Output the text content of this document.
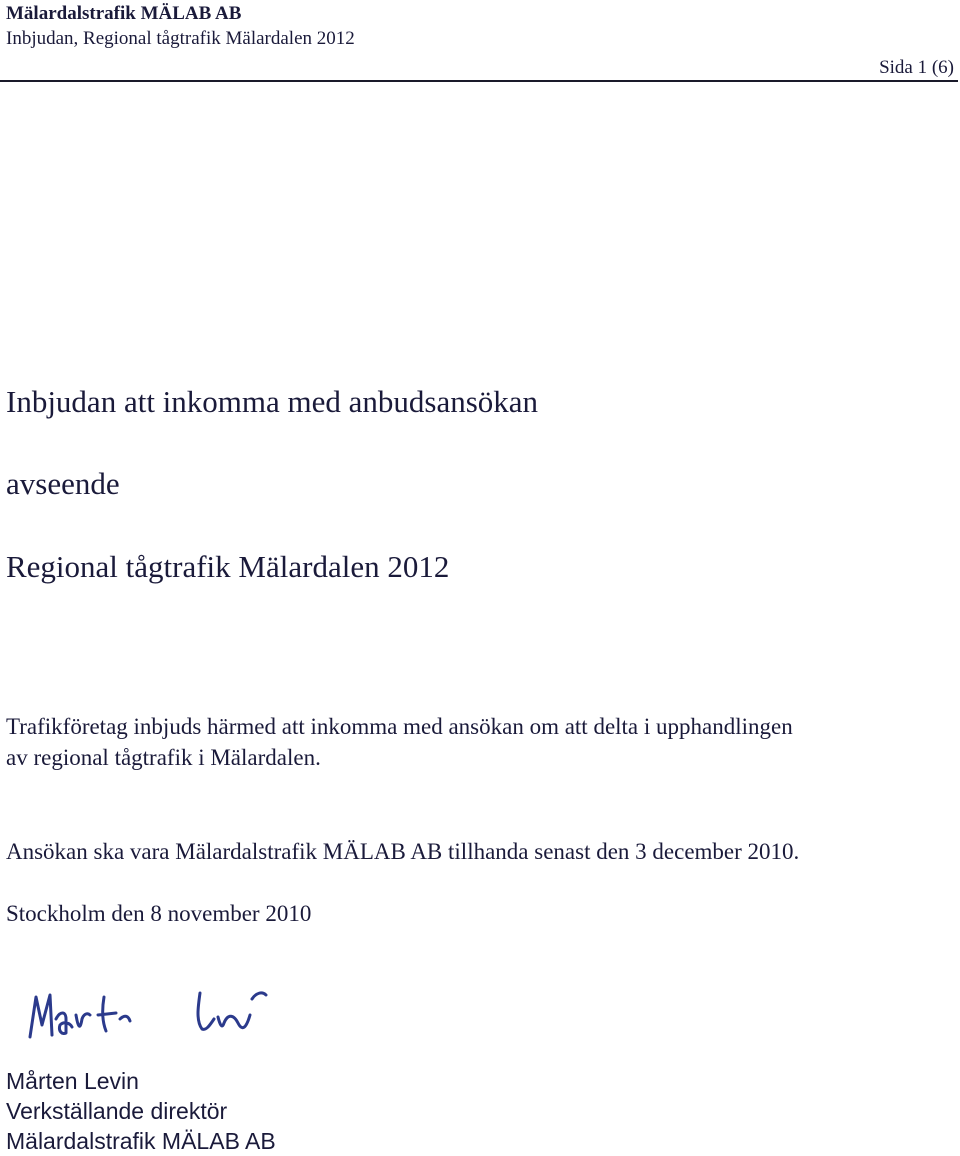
Mälardalstrafik MÄLAB AB

Inbjudan, Regional tågtrafik Mälardalen 2012

Sida 1 (6)
Inbjudan att inkomma med anbudsansökan
avseende
Regional tågtrafik Mälardalen 2012

Trafikföretag inbjuds härmed att inkomma med ansökan om att delta i upphandlingen

av regional tågtrafik i Mälardalen.

Ansökan ska vara Mälardalstrafik MÄLAB AB tillhanda senast den 3 december 2010.

Stockholm den 8 november 2010

Mårten Levin

Verkställande direktör

Mälardalstrafik MÄLAB AB
